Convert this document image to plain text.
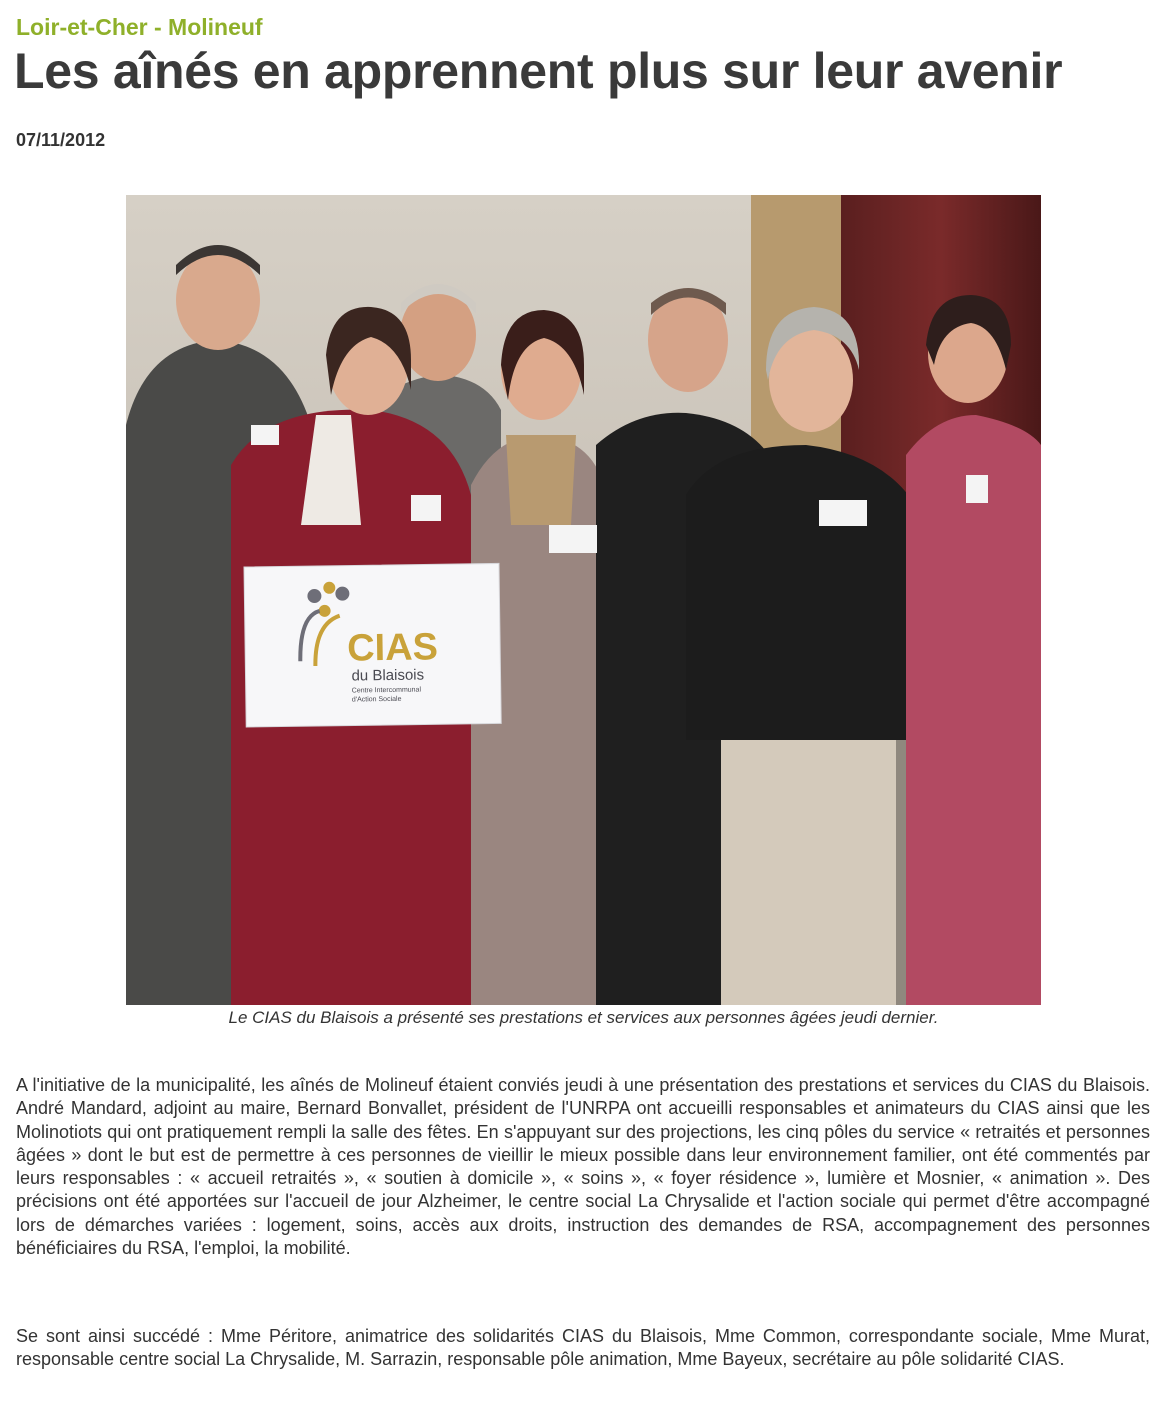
Loir-et-Cher - Molineuf
Les aînés en apprennent plus sur leur avenir
07/11/2012
CIAS
du Blaisois
Centre Intercommunal
d'Action Sociale
Le CIAS du Blaisois a présenté ses prestations et services aux personnes âgées jeudi dernier.

A l'initiative de la municipalité, les aînés de Molineuf étaient conviés jeudi à une présentation des prestations et services du CIAS du Blaisois. André Mandard, adjoint au maire, Bernard Bonvallet, président de l'UNRPA ont accueilli responsables et animateurs du CIAS ainsi que les Molinotiots qui ont pratiquement rempli la salle des fêtes. En s'appuyant sur des projections, les cinq pôles du service « retraités et personnes âgées » dont le but est de permettre à ces personnes de vieillir le mieux possible dans leur environnement familier, ont été commentés par leurs responsables : « accueil retraités », « soutien à domicile », « soins », « foyer résidence », lumière et Mosnier, « animation ». Des précisions ont été apportées sur l'accueil de jour Alzheimer, le centre social La Chrysalide et l'action sociale qui permet d'être accompagné lors de démarches variées : logement, soins, accès aux droits, instruction des demandes de RSA, accompagnement des personnes bénéficiaires du RSA, l'emploi, la mobilité.

Se sont ainsi succédé : Mme Péritore, animatrice des solidarités CIAS du Blaisois, Mme Common, correspondante sociale, Mme Murat, responsable centre social La Chrysalide, M. Sarrazin, responsable pôle animation, Mme Bayeux, secrétaire au pôle solidarité CIAS.
